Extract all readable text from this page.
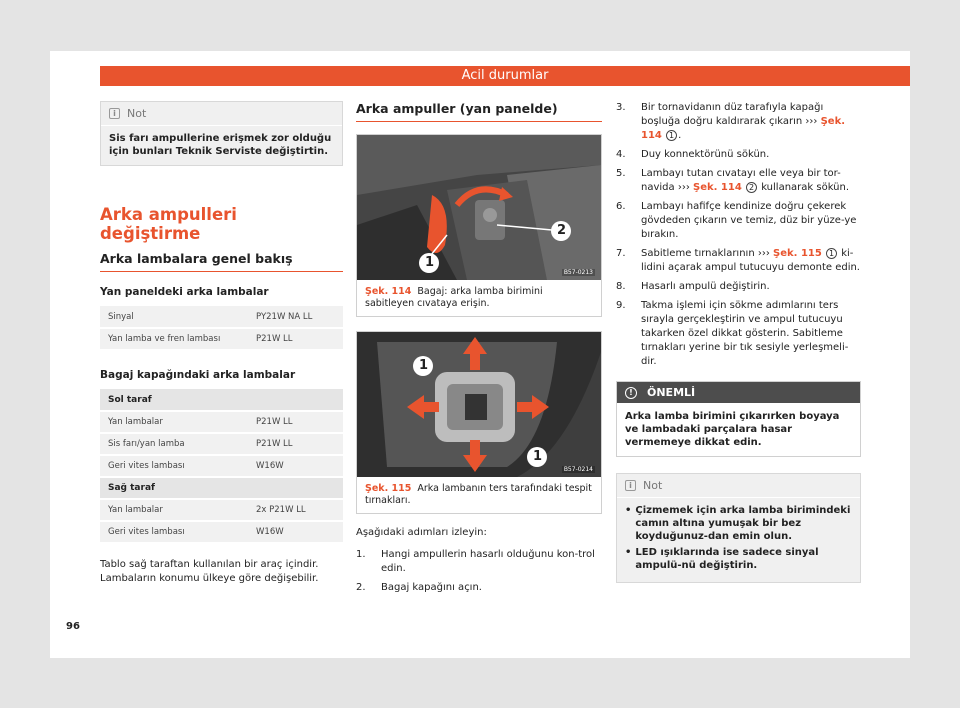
Acil durumlar
i	Not
Sis farı ampullerine erişmek zor olduğu için bunları Teknik Serviste değiştirtin.
Arka ampulleri değiştirme
Arka lambalara genel bakış
Yan paneldeki arka lambalar
Sinyal	PY21W NA LL
Yan lamba ve fren lambası	P21W LL
Bagaj kapağındaki arka lambalar
Sol taraf	
Yan lambalar	P21W LL
Sis farı/yan lamba	P21W LL
Geri vites lambası	W16W
Sağ taraf	
Yan lambalar	2x P21W LL
Geri vites lambası	W16W
Tablo sağ taraftan kullanılan bir araç içindir. Lambaların konumu ülkeye göre değişebilir.
Arka ampuller (yan panelde)
2
1
B57-0213
Şek. 114 Bagaj: arka lamba birimini sabitleyen cıvataya erişin.
1
1
B57-0214
Şek. 115 Arka lambanın ters tarafındaki tespit tırnakları.
Aşağıdaki adımları izleyin:
1.	Hangi ampullerin hasarlı olduğunu kon-trol edin.
2.	Bagaj kapağını açın.
3.	Bir tornavidanın düz tarafıyla kapağı boşluğa doğru kaldırarak çıkarın ››› Şek. 114 1 .
4.	Duy konnektörünü sökün.
5.	Lambayı tutan cıvatayı elle veya bir tor-navida ››› Şek. 114 2 kullanarak sökün.
6.	Lambayı hafifçe kendinize doğru çekerek gövdeden çıkarın ve temiz, düz bir yüze-ye bırakın.
7.	Sabitleme tırnaklarının ››› Şek. 115 1 ki-lidini açarak ampul tutucuyu demonte edin.
8.	Hasarlı ampulü değiştirin.
9.	Takma işlemi için sökme adımlarını ters sırayla gerçekleştirin ve ampul tutucuyu takarken özel dikkat gösterin. Sabitleme tırnakları yerine bir tık sesiyle yerleşmeli-dir.
!	ÖNEMLİ
Arka lamba birimini çıkarırken boyaya ve lambadaki parçalara hasar vermemeye dikkat edin.
i	Not
• Çizmemek için arka lamba birimindeki camın altına yumuşak bir bez koyduğunuz-dan emin olun.
• LED ışıklarında ise sadece sinyal ampulü-nü değiştirin.
96
